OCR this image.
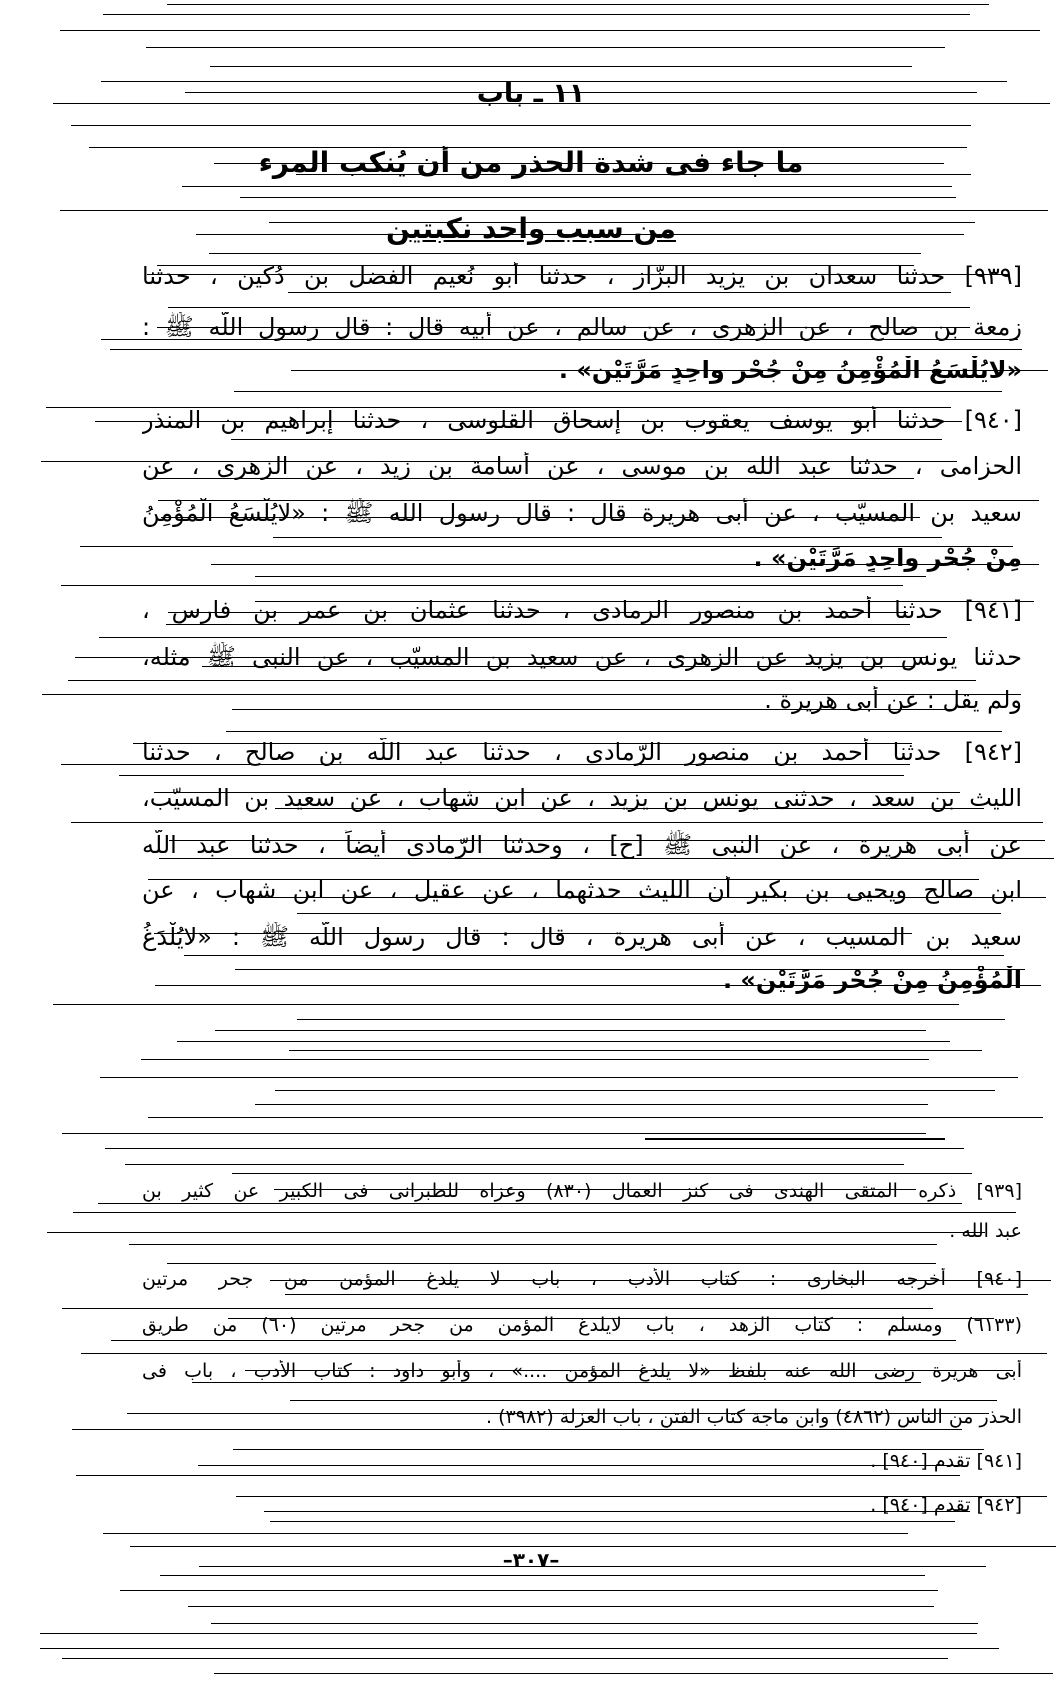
١١ ـ باب
ما جاء فى شدة الحذر من أن يُنكب المرء
من سبب واحد نكبتين
[٩٣٩] حدثنا سعدان بن يزيد البزّاز ، حدثنا أبو نُعيم الفضل بن دُكين ، حدثنا
زمعة بن صالح ، عن الزهرى ، عن سالم ، عن أبيه قال : قال رسول اللّه ﷺ :
«لايُلْسَعُ الْمُؤْمِنُ مِنْ جُحْرٍ واحِدٍ مَرَّتَيْنِ» .
[٩٤٠] حدثنا أبو يوسف يعقوب بن إسحاق القلوسى ، حدثنا إبراهيم بن المنذر
الحزامى ، حدثنا عبد الله بن موسى ، عن أسامة بن زيد ، عن الزهرى ، عن
سعيد بن المسيّب ، عن أبى هريرة قال : قال رسول الله ﷺ : «لايُلْسَعُ الْمُؤْمِنُ
مِنْ جُحْرٍ واحِدٍ مَرَّتَيْنِ» .
[٩٤١] حدثنا أحمد بن منصور الرمادى ، حدثنا عثمان بن عمر بن فارس ،
حدثنا يونس بن يزيد عن الزهرى ، عن سعيد بن المسيّب ، عن النبى ﷺ مثله،
ولم يقل : عن أبى هريرة .
[٩٤٢] حدثنا أحمد بن منصور الرّمادى ، حدثنا عبد اللّه بن صالح ، حدثنا
الليث بن سعد ، حدثنى يونس بن يزيد ، عن ابن شهاب ، عن سعيد بن المسيّب،
عن أبى هريرة ، عن النبى ﷺ [ح] ، وحدثنا الرّمادى أيضاً ، حدثنا عبد اللّه
ابن صالح ويحيى بن بكير أن الليث حدثهما ، عن عقيل ، عن ابن شهاب ، عن
سعيد بن المسيب ، عن أبى هريرة ، قال : قال رسول اللّه ﷺ : «لايُلْدَغُ
الْمُؤْمِنُ مِنْ جُحْرٍ مَرَّتَيْنِ» .
[٩٣٩] ذكره المتقى الهندى فى كنز العمال (٨٣٠) وعزاه للطبرانى فى الكبير عن كثير بن
عبد الله .
[٩٤٠] أخرجه البخارى : كتاب الأدب ، باب لا يلدغ المؤمن من جحر مرتين
(٦١٣٣) ومسلم : كتاب الزهد ، باب لايلدغ المؤمن من جحر مرتين (٦٠) من طريق
أبى هريرة رضى الله عنه بلفظ «لا يلدغ المؤمن ....» ، وأبو داود : كتاب الأدب ، باب فى
الحذر من الناس (٤٨٦٢) وابن ماجة كتاب الفتن ، باب العزلة (٣٩٨٢) .
[٩٤١] تقدم [٩٤٠] .
[٩٤٢] تقدم [٩٤٠] .
–٣٠٧–
